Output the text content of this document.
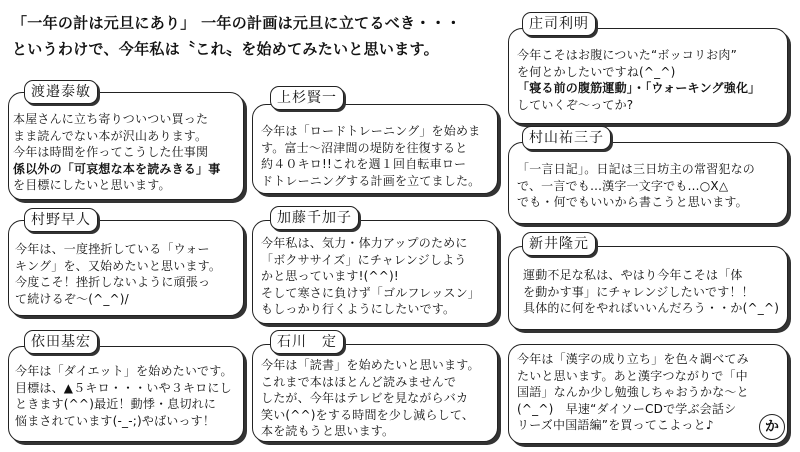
「一年の計は元旦にあり」 一年の計画は元旦に立てるべき・・・
というわけで、今年私は〝これ〟を始めてみたいと思います。
本屋さんに立ち寄りついつい買った
まま読んでない本が沢山あります。
今年は時間を作ってこうした仕事関
係以外の「可哀想な本を読みきる」事
を目標にしたいと思います。
渡邉泰敏
今年は「ロードトレーニング」を始めま
す。富士～沼津間の堤防を往復すると
約４０キロ!!これを週１回自転車ロー
ドトレーニングする計画を立てました。
上杉賢一
今年こそはお腹についた“ボッコリお肉”
を何とかしたいですね(^_^)
「寝る前の腹筋運動」・「ウォーキング強化」
していくぞ～ってか?
庄司利明
「一言日記」。日記は三日坊主の常習犯なの
で、一言でも…漢字一文字でも…○X△
でも・何でもいいから書こうと思います。
村山祐三子
今年は、一度挫折している「ウォー
キング」を、又始めたいと思います。
今度こそ！挫折しないように頑張っ
て続けるぞ～(^_^)/
村野早人
今年私は、気力・体力アップのために
「ボクササイズ」にチャレンジしよう
かと思っています!(^^)!
そして寒さに負けず「ゴルフレッスン」
もしっかり行くようにしたいです。
加藤千加子
運動不足な私は、やはり今年こそは「体
を動かす事」にチャレンジしたいです！！
具体的に何をやればいいんだろう・・か(^_^)
新井隆元
今年は「ダイエット」を始めたいです。
目標は、▲５キロ・・・いや３キロにし
ときます(^^)最近！動悸・息切れに
悩まされています(-_-;)やばいっす！
依田基宏
今年は「読書」を始めたいと思います。
これまで本はほとんど読みませんで
したが、今年はテレビを見ながらバカ
笑い(^^)をする時間を少し減らして、
本を読もうと思います。
石川　定
今年は「漢字の成り立ち」を色々調べてみ
たいと思います。あと漢字つながりで「中
国語」なんか少し勉強しちゃおうかな～と
(^_^)　早速“ダイソーCDで学ぶ会話シ
リーズ中国語編”を買ってこよっと♪	か
